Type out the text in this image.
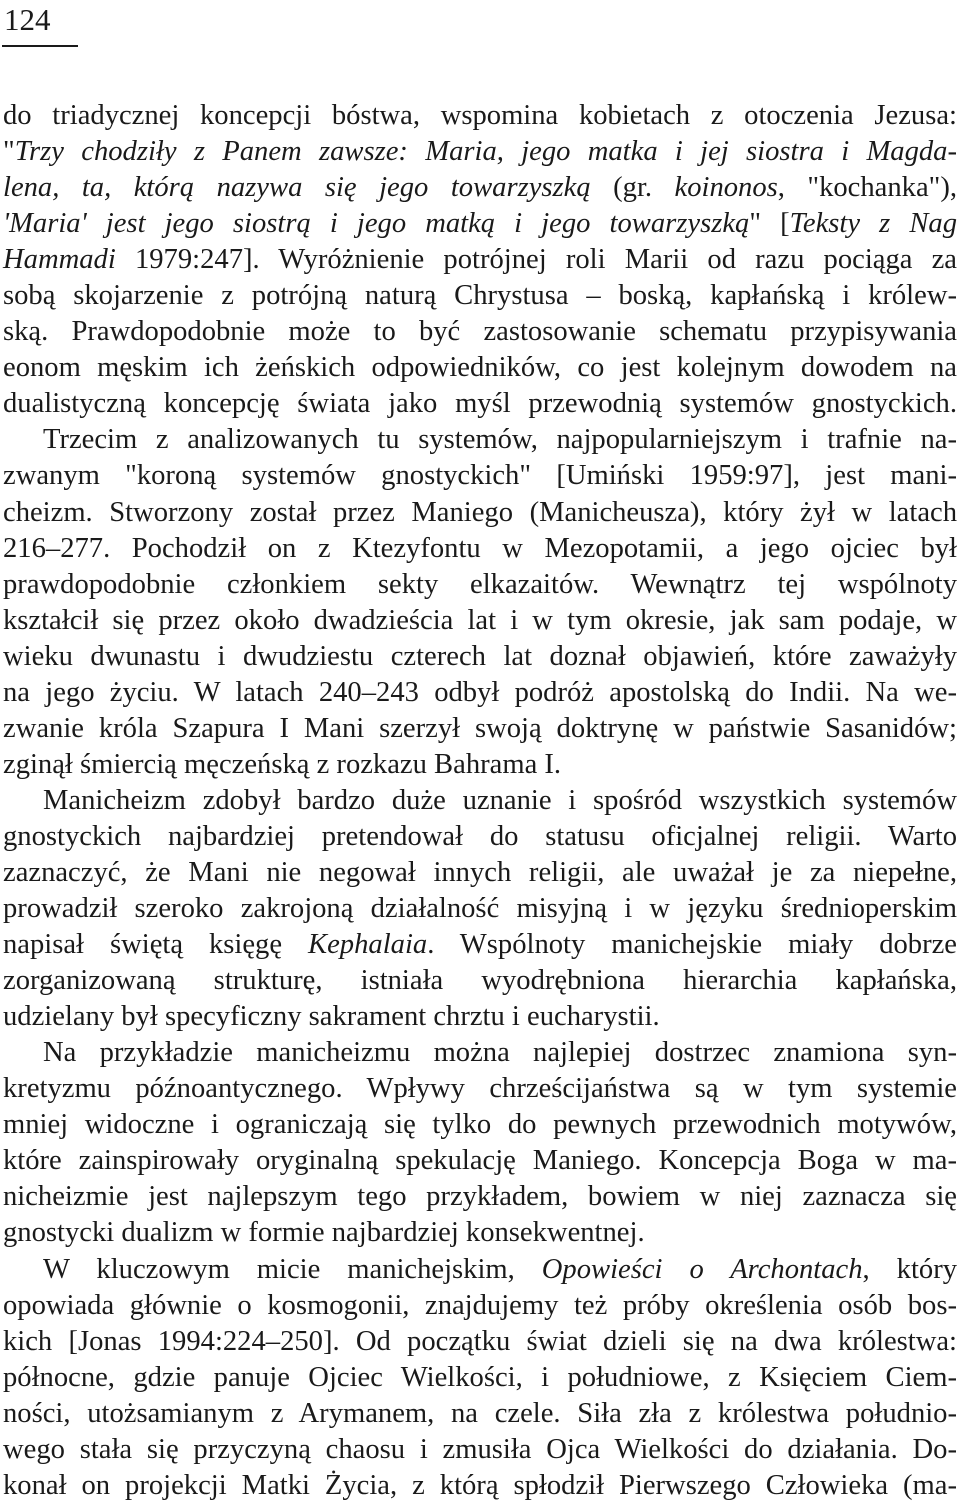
124
do triadycznej koncepcji bóstwa, wspomina kobietach z otoczenia Jezusa:
"Trzy chodziły z Panem zawsze: Maria, jego matka i jej siostra i Magda-
lena, ta, którą nazywa się jego towarzyszką (gr. koinonos, "kochanka"),
'Maria' jest jego siostrą i jego matką i jego towarzyszką" [Teksty z Nag
Hammadi 1979:247]. Wyróżnienie potrójnej roli Marii od razu pociąga za
sobą skojarzenie z potrójną naturą Chrystusa – boską, kapłańską i królew-
ską. Prawdopodobnie może to być zastosowanie schematu przypisywania
eonom męskim ich żeńskich odpowiedników, co jest kolejnym dowodem na
dualistyczną koncepcję świata jako myśl przewodnią systemów gnostyckich.
Trzecim z analizowanych tu systemów, najpopularniejszym i trafnie na-
zwanym "koroną systemów gnostyckich" [Umiński 1959:97], jest mani-
cheizm. Stworzony został przez Maniego (Manicheusza), który żył w latach
216–277. Pochodził on z Ktezyfontu w Mezopotamii, a jego ojciec był
prawdopodobnie członkiem sekty elkazaitów. Wewnątrz tej wspólnoty
kształcił się przez około dwadzieścia lat i w tym okresie, jak sam podaje, w
wieku dwunastu i dwudziestu czterech lat doznał objawień, które zaważyły
na jego życiu. W latach 240–243 odbył podróż apostolską do Indii. Na we-
zwanie króla Szapura I Mani szerzył swoją doktrynę w państwie Sasanidów;
zginął śmiercią męczeńską z rozkazu Bahrama I.
Manicheizm zdobył bardzo duże uznanie i spośród wszystkich systemów
gnostyckich najbardziej pretendował do statusu oficjalnej religii. Warto
zaznaczyć, że Mani nie negował innych religii, ale uważał je za niepełne,
prowadził szeroko zakrojoną działalność misyjną i w języku średnioperskim
napisał świętą księgę Kephalaia. Wspólnoty manichejskie miały dobrze
zorganizowaną strukturę, istniała wyodrębniona hierarchia kapłańska,
udzielany był specyficzny sakrament chrztu i eucharystii.
Na przykładzie manicheizmu można najlepiej dostrzec znamiona syn-
kretyzmu późnoantycznego. Wpływy chrześcijaństwa są w tym systemie
mniej widoczne i ograniczają się tylko do pewnych przewodnich motywów,
które zainspirowały oryginalną spekulację Maniego. Koncepcja Boga w ma-
nicheizmie jest najlepszym tego przykładem, bowiem w niej zaznacza się
gnostycki dualizm w formie najbardziej konsekwentnej.
W kluczowym micie manichejskim, Opowieści o Archontach, który
opowiada głównie o kosmogonii, znajdujemy też próby określenia osób bos-
kich [Jonas 1994:224–250]. Od początku świat dzieli się na dwa królestwa:
północne, gdzie panuje Ojciec Wielkości, i południowe, z Księciem Ciem-
ności, utożsamianym z Arymanem, na czele. Siła zła z królestwa południo-
wego stała się przyczyną chaosu i zmusiła Ojca Wielkości do działania. Do-
konał on projekcji Matki Życia, z którą spłodził Pierwszego Człowieka (ma-
